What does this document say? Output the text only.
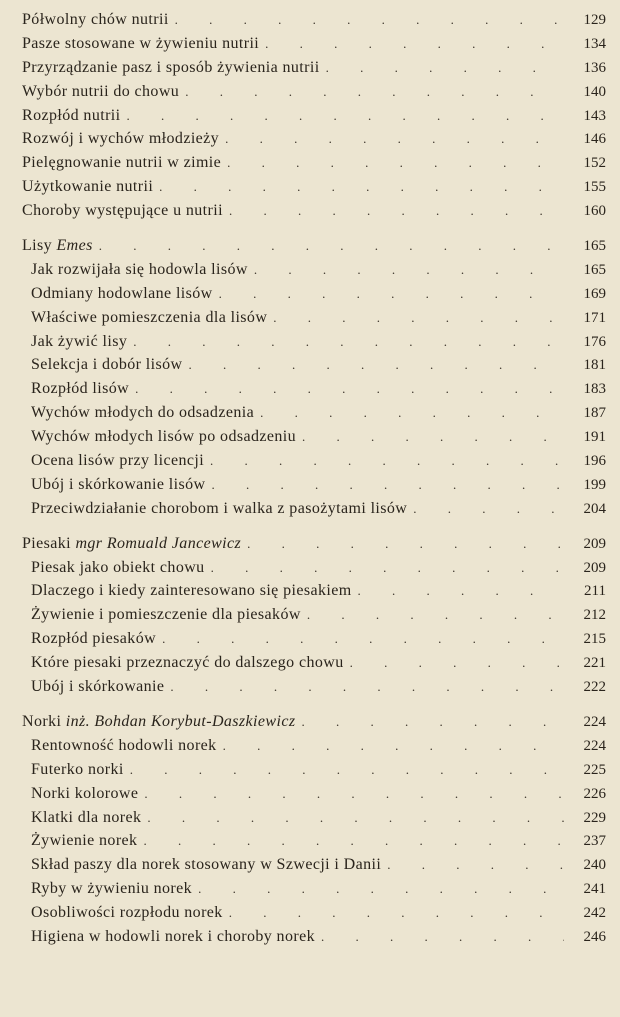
Półwolny chów nutrii . . .	129
Pasze stosowane w żywieniu nutrii . . .	134
Przyrządzanie pasz i sposób żywienia nutrii . . .	136
Wybór nutrii do chowu . . .	140
Rozpłód nutrii . . .	143
Rozwój i wychów młodzieży . . .	146
Pielęgnowanie nutrii w zimie . . .	152
Użytkowanie nutrii . . .	155
Choroby występujące u nutrii . . .	160
Lisy Emes . . .	165
Jak rozwijała się hodowla lisów . . .	165
Odmiany hodowlane lisów . . .	169
Właściwe pomieszczenia dla lisów . . .	171
Jak żywić lisy . . .	176
Selekcja i dobór lisów . . .	181
Rozpłód lisów . . .	183
Wychów młodych do odsadzenia . . .	187
Wychów młodych lisów po odsadzeniu . . .	191
Ocena lisów przy licencji . . .	196
Ubój i skórkowanie lisów . . .	199
Przeciwdziałanie chorobom i walka z pasożytami lisów . . .	204
Piesaki mgr Romuald Jancewicz . . .	209
Piesak jako obiekt chowu . . .	209
Dlaczego i kiedy zainteresowano się piesakiem . . .	211
Żywienie i pomieszczenie dla piesaków . . .	212
Rozpłód piesaków . . .	215
Które piesaki przeznaczyć do dalszego chowu . . .	221
Ubój i skórkowanie . . .	222
Norki inż. Bohdan Korybut-Daszkiewicz . . .	224
Rentowność hodowli norek . . .	224
Futerko norki . . .	225
Norki kolorowe . . .	226
Klatki dla norek . . .	229
Żywienie norek . . .	237
Skład paszy dla norek stosowany w Szwecji i Danii . . .	240
Ryby w żywieniu norek . . .	241
Osobliwości rozpłodu norek . . .	242
Higiena w hodowli norek i choroby norek . . .	246
